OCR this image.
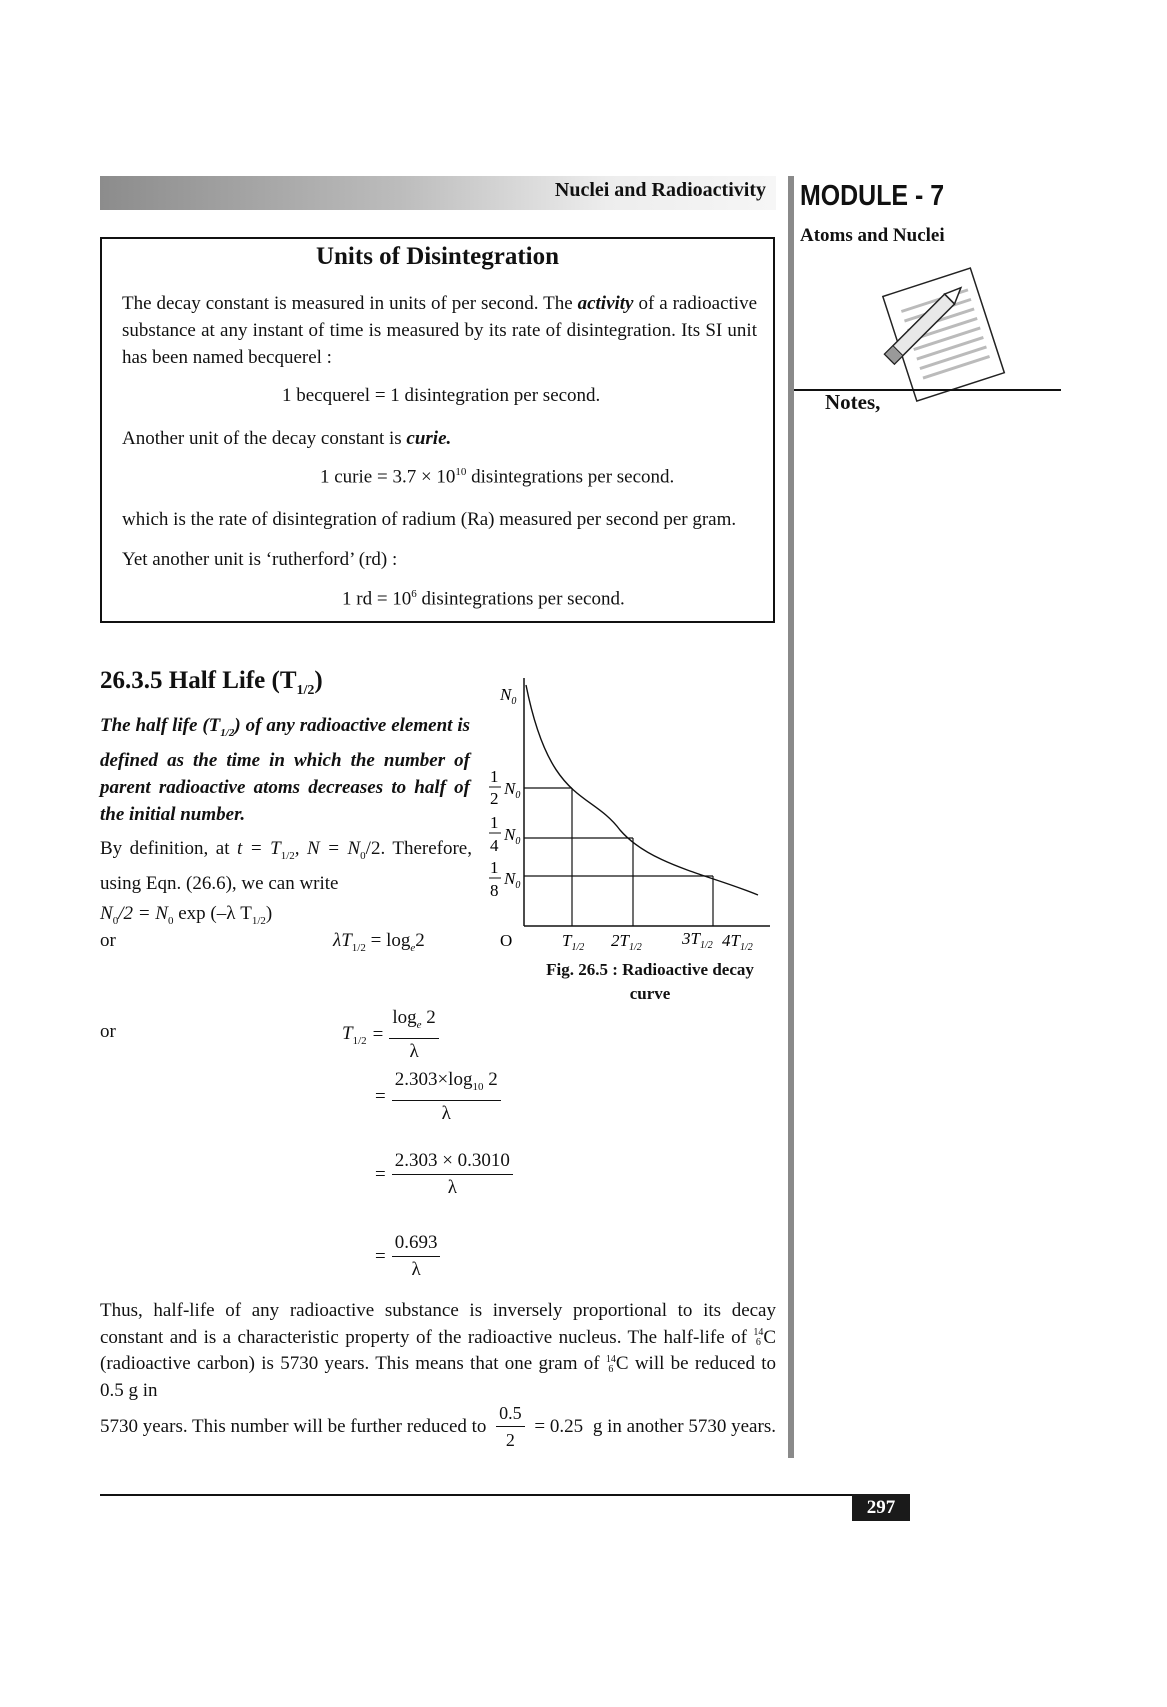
Nuclei and Radioactivity MODULE - 7
Atoms and Nuclei
Notes,
Units of Disintegration
The decay constant is measured in units of per second. The activity of a radioactive substance at any instant of time is measured by its rate of disintegration. Its SI unit has been named becquerel :
1 becquerel = 1 disintegration per second.
Another unit of the decay constant is curie.
1 curie = $3.7 \times 10^{10}$ disintegrations per second.
which is the rate of disintegration of radium (Ra) measured per second per gram.
Yet another unit is ‘rutherford’ (rd) :
1 rd = $10^6$ disintegrations per second.
26.3.5 Half Life $(T_{1/2})$
The half life $(T_{1/2})$ of any radioactive element is defined as the time in which the number of parent radioactive atoms decreases to half of the initial number.
By definition, at $t = T_{1/2}$, $N = N_0/2$. Therefore, using Eqn. (26.6), we can write
$N_0/2 = N_0$ exp (–λ $T_{1/2}$)
or	$\lambda T_{1/2} = \log_e2$
or	$T_{1/2} = \frac{\log_e 2}{\lambda}$
= $\frac{2.303\times\log_{10} 2}{\lambda}$
= $\frac{2.303 \times 0.3010}{\lambda}$
= $\frac{0.693}{\lambda}$
$N_0$
1
2
$N_0$
1
4
$N_0$
1
8
$N_0$
O	$T_{1/2}$ $2T_{1/2}$ $3T_{1/2}$ $4T_{1/2}$
Fig. 26.5 : Radioactive decay
curve
Thus, half-life of any radioactive substance is inversely proportional to its decay constant and is a characteristic property of the radioactive nucleus. The half-life of 14
6 C (radioactive carbon) is 5730 years. This means that one gram of 14
6 C will be reduced to 0.5 g in
5730 years. This number will be further reduced to $\frac{0.5}{2} = 0.25$ g in another 5730 years.
297
